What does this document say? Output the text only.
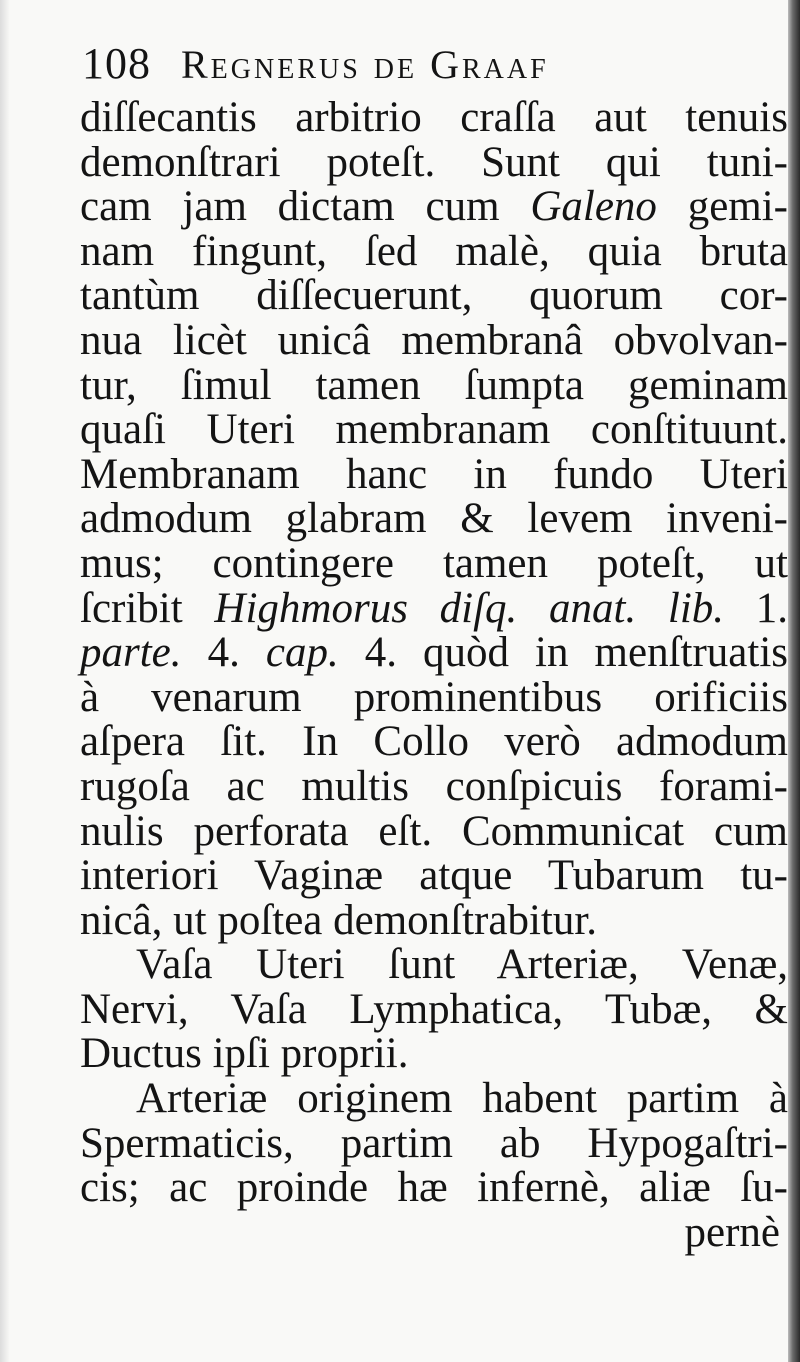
108 Regnerus de Graaf
diſſecantis arbitrio craſſa aut tenuis
demonſtrari poteſt. Sunt qui tuni-
cam jam dictam cum Galeno gemi-
nam fingunt, ſed malè, quia bruta
tantùm diſſecuerunt, quorum cor-
nua licèt unicâ membranâ obvolvan-
tur, ſimul tamen ſumpta geminam
quaſi Uteri membranam conſtituunt.
Membranam hanc in fundo Uteri
admodum glabram & levem inveni-
mus; contingere tamen poteſt, ut
ſcribit Highmorus diſq. anat. lib. 1.
parte. 4. cap. 4. quòd in menſtruatis
à venarum prominentibus orificiis
aſpera ſit. In Collo verò admodum
rugoſa ac multis conſpicuis forami-
nulis perforata eſt. Communicat cum
interiori Vaginæ atque Tubarum tu-
nicâ, ut poſtea demonſtrabitur.
Vaſa Uteri ſunt Arteriæ, Venæ,
Nervi, Vaſa Lymphatica, Tubæ, &
Ductus ipſi proprii.
Arteriæ originem habent partim à
Spermaticis, partim ab Hypogaſtri-
cis; ac proinde hæ infernè, aliæ ſu-
pernè
